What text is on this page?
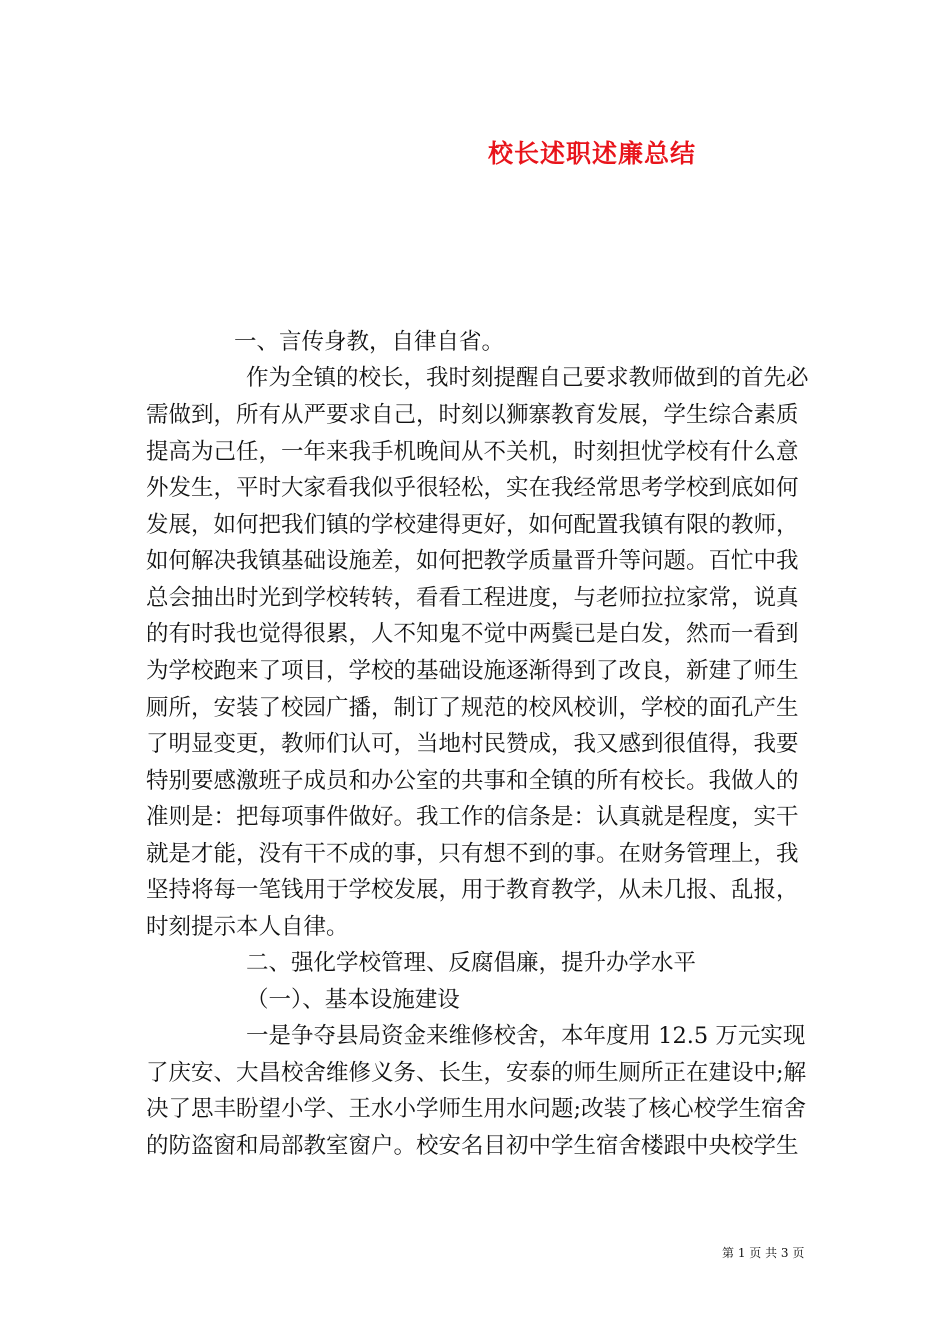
校长述职述廉总结
一、言传身教，自律自省。
作为全镇的校长，我时刻提醒自己要求教师做到的首先必
需做到，所有从严要求自己，时刻以狮寨教育发展，学生综合素质
提高为己任，一年来我手机晚间从不关机，时刻担忧学校有什么意
外发生，平时大家看我似乎很轻松，实在我经常思考学校到底如何
发展，如何把我们镇的学校建得更好，如何配置我镇有限的教师，
如何解决我镇基础设施差，如何把教学质量晋升等问题。百忙中我
总会抽出时光到学校转转，看看工程进度，与老师拉拉家常，说真
的有时我也觉得很累，人不知鬼不觉中两鬓已是白发，然而一看到
为学校跑来了项目，学校的基础设施逐渐得到了改良，新建了师生
厕所，安装了校园广播，制订了规范的校风校训，学校的面孔产生
了明显变更，教师们认可，当地村民赞成，我又感到很值得，我要
特别要感激班子成员和办公室的共事和全镇的所有校长。我做人的
准则是：把每项事件做好。我工作的信条是：认真就是程度，实干
就是才能，没有干不成的事，只有想不到的事。在财务管理上，我
坚持将每一笔钱用于学校发展，用于教育教学，从未几报、乱报，
时刻提示本人自律。
二、强化学校管理、反腐倡廉，提升办学水平
（一）、基本设施建设
一是争夺县局资金来维修校舍，本年度用 12.5 万元实现
了庆安、大昌校舍维修义务、长生，安泰的师生厕所正在建设中;解
决了思丰盼望小学、王水小学师生用水问题;改装了核心校学生宿舍
的防盗窗和局部教室窗户。校安名目初中学生宿舍楼跟中央校学生
第 1 页 共 3 页
